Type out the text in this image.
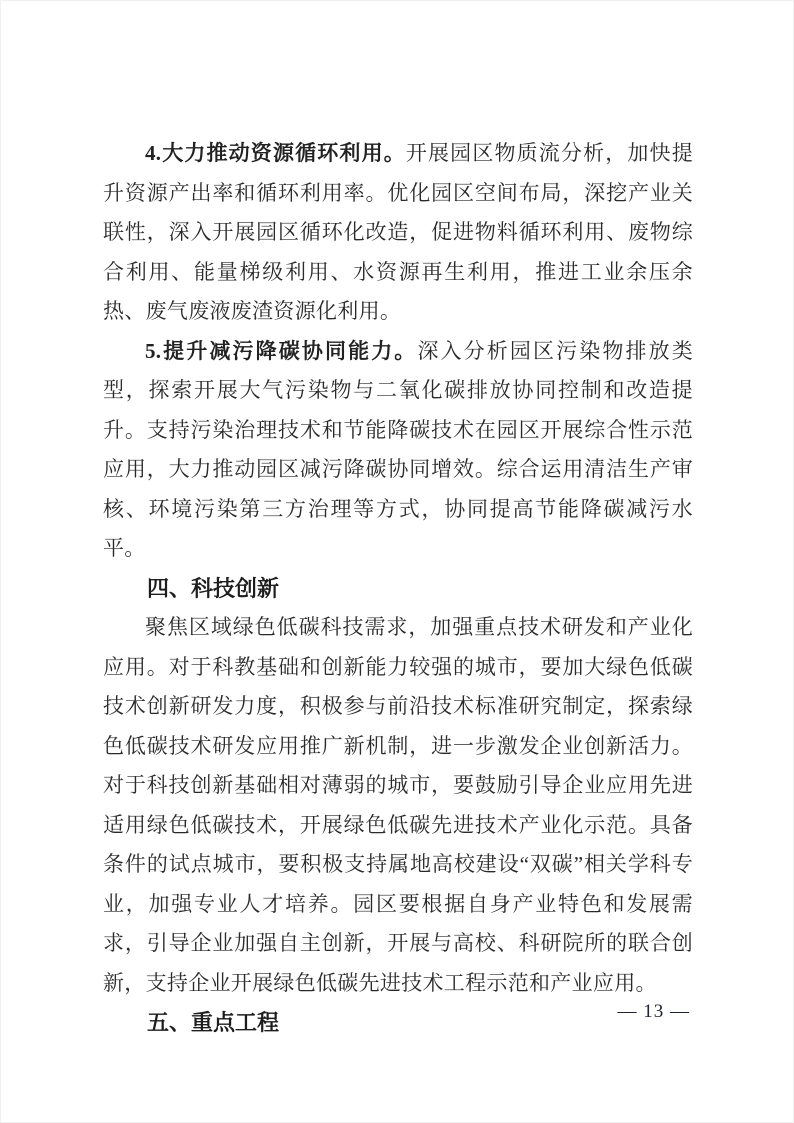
4.大力推动资源循环利用。开展园区物质流分析，加快提升资源产出率和循环利用率。优化园区空间布局，深挖产业关联性，深入开展园区循环化改造，促进物料循环利用、废物综合利用、能量梯级利用、水资源再生利用，推进工业余压余热、废气废液废渣资源化利用。

5.提升减污降碳协同能力。深入分析园区污染物排放类型，探索开展大气污染物与二氧化碳排放协同控制和改造提升。支持污染治理技术和节能降碳技术在园区开展综合性示范应用，大力推动园区减污降碳协同增效。综合运用清洁生产审核、环境污染第三方治理等方式，协同提高节能降碳减污水平。

四、科技创新

聚焦区域绿色低碳科技需求，加强重点技术研发和产业化应用。对于科教基础和创新能力较强的城市，要加大绿色低碳技术创新研发力度，积极参与前沿技术标准研究制定，探索绿色低碳技术研发应用推广新机制，进一步激发企业创新活力。对于科技创新基础相对薄弱的城市，要鼓励引导企业应用先进适用绿色低碳技术，开展绿色低碳先进技术产业化示范。具备条件的试点城市，要积极支持属地高校建设“双碳”相关学科专业，加强专业人才培养。园区要根据自身产业特色和发展需求，引导企业加强自主创新，开展与高校、科研院所的联合创新，支持企业开展绿色低碳先进技术工程示范和产业应用。

五、重点工程	— 13 —
